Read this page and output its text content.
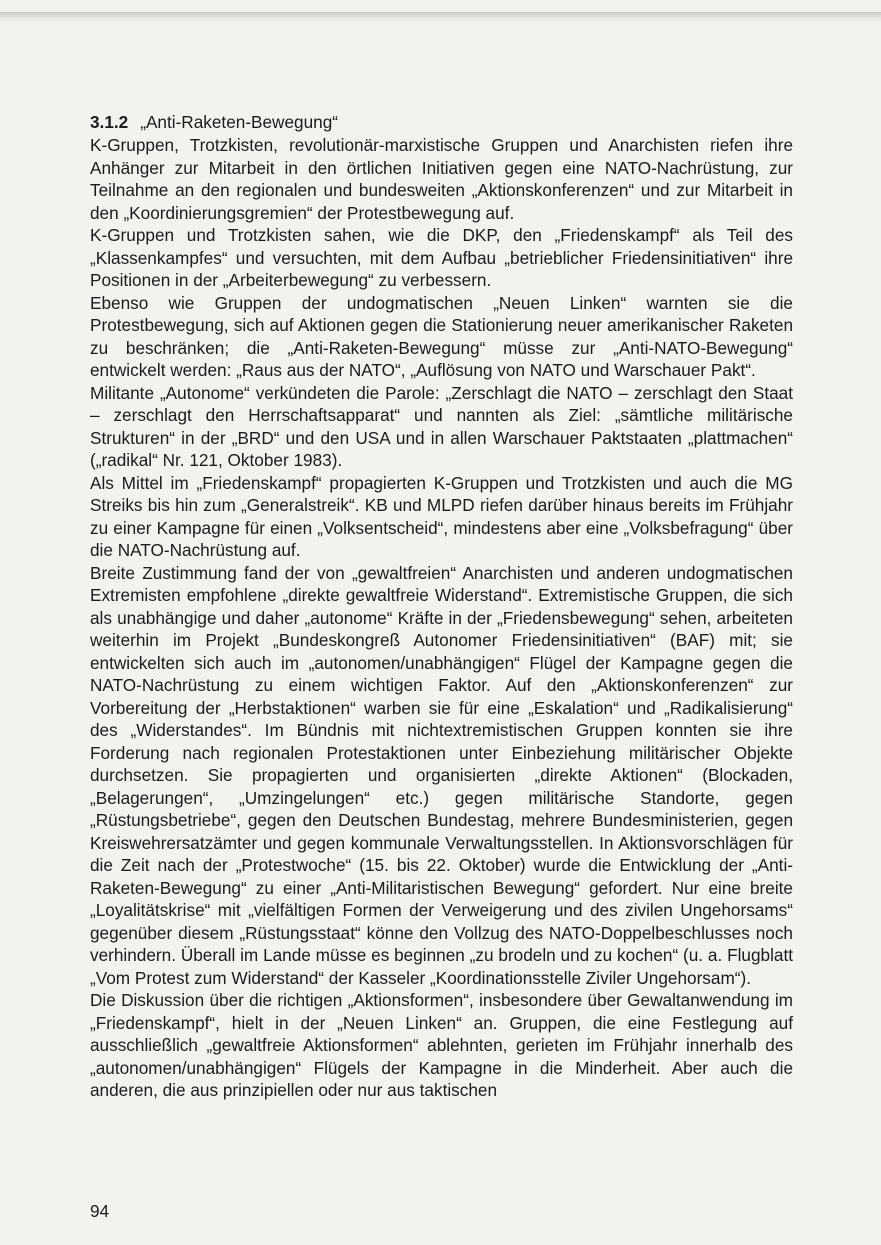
3.1.2 „Anti-Raketen-Bewegung“

K-Gruppen, Trotzkisten, revolutionär-marxistische Gruppen und Anarchisten riefen ihre Anhänger zur Mitarbeit in den örtlichen Initiativen gegen eine NATO-Nachrüstung, zur Teilnahme an den regionalen und bundesweiten „Aktionskonferenzen“ und zur Mitarbeit in den „Koordinierungsgremien“ der Protestbewegung auf.

K-Gruppen und Trotzkisten sahen, wie die DKP, den „Friedenskampf“ als Teil des „Klassenkampfes“ und versuchten, mit dem Aufbau „betrieblicher Friedensinitiativen“ ihre Positionen in der „Arbeiterbewegung“ zu verbessern.

Ebenso wie Gruppen der undogmatischen „Neuen Linken“ warnten sie die Protestbewegung, sich auf Aktionen gegen die Stationierung neuer amerikanischer Raketen zu beschränken; die „Anti-Raketen-Bewegung“ müsse zur „Anti-NATO-Bewegung“ entwickelt werden: „Raus aus der NATO“, „Auflösung von NATO und Warschauer Pakt“.

Militante „Autonome“ verkündeten die Parole: „Zerschlagt die NATO – zerschlagt den Staat – zerschlagt den Herrschaftsapparat“ und nannten als Ziel: „sämtliche militärische Strukturen“ in der „BRD“ und den USA und in allen Warschauer Paktstaaten „plattmachen“ („radikal“ Nr. 121, Oktober 1983).

Als Mittel im „Friedenskampf“ propagierten K-Gruppen und Trotzkisten und auch die MG Streiks bis hin zum „Generalstreik“. KB und MLPD riefen darüber hinaus bereits im Frühjahr zu einer Kampagne für einen „Volksentscheid“, mindestens aber eine „Volksbefragung“ über die NATO-Nachrüstung auf.

Breite Zustimmung fand der von „gewaltfreien“ Anarchisten und anderen undogmatischen Extremisten empfohlene „direkte gewaltfreie Widerstand“. Extremistische Gruppen, die sich als unabhängige und daher „autonome“ Kräfte in der „Friedensbewegung“ sehen, arbeiteten weiterhin im Projekt „Bundeskongreß Autonomer Friedensinitiativen“ (BAF) mit; sie entwickelten sich auch im „autonomen/unabhängigen“ Flügel der Kampagne gegen die NATO-Nachrüstung zu einem wichtigen Faktor. Auf den „Aktionskonferenzen“ zur Vorbereitung der „Herbstaktionen“ warben sie für eine „Eskalation“ und „Radikalisierung“ des „Widerstandes“. Im Bündnis mit nichtextremistischen Gruppen konnten sie ihre Forderung nach regionalen Protestaktionen unter Einbeziehung militärischer Objekte durchsetzen. Sie propagierten und organisierten „direkte Aktionen“ (Blockaden, „Belagerungen“, „Umzingelungen“ etc.) gegen militärische Standorte, gegen „Rüstungsbetriebe“, gegen den Deutschen Bundestag, mehrere Bundesministerien, gegen Kreiswehrersatzämter und gegen kommunale Verwaltungsstellen. In Aktionsvorschlägen für die Zeit nach der „Protestwoche“ (15. bis 22. Oktober) wurde die Entwicklung der „Anti-Raketen-Bewegung“ zu einer „Anti-Militaristischen Bewegung“ gefordert. Nur eine breite „Loyalitätskrise“ mit „vielfältigen Formen der Verweigerung und des zivilen Ungehorsams“ gegenüber diesem „Rüstungsstaat“ könne den Vollzug des NATO-Doppelbeschlusses noch verhindern. Überall im Lande müsse es beginnen „zu brodeln und zu kochen“ (u. a. Flugblatt „Vom Protest zum Widerstand“ der Kasseler „Koordinationsstelle Ziviler Ungehorsam“).

Die Diskussion über die richtigen „Aktionsformen“, insbesondere über Gewaltanwendung im „Friedenskampf“, hielt in der „Neuen Linken“ an. Gruppen, die eine Festlegung auf ausschließlich „gewaltfreie Aktionsformen“ ablehnten, gerieten im Frühjahr innerhalb des „autonomen/unabhängigen“ Flügels der Kampagne in die Minderheit. Aber auch die anderen, die aus prinzipiellen oder nur aus taktischen

94
